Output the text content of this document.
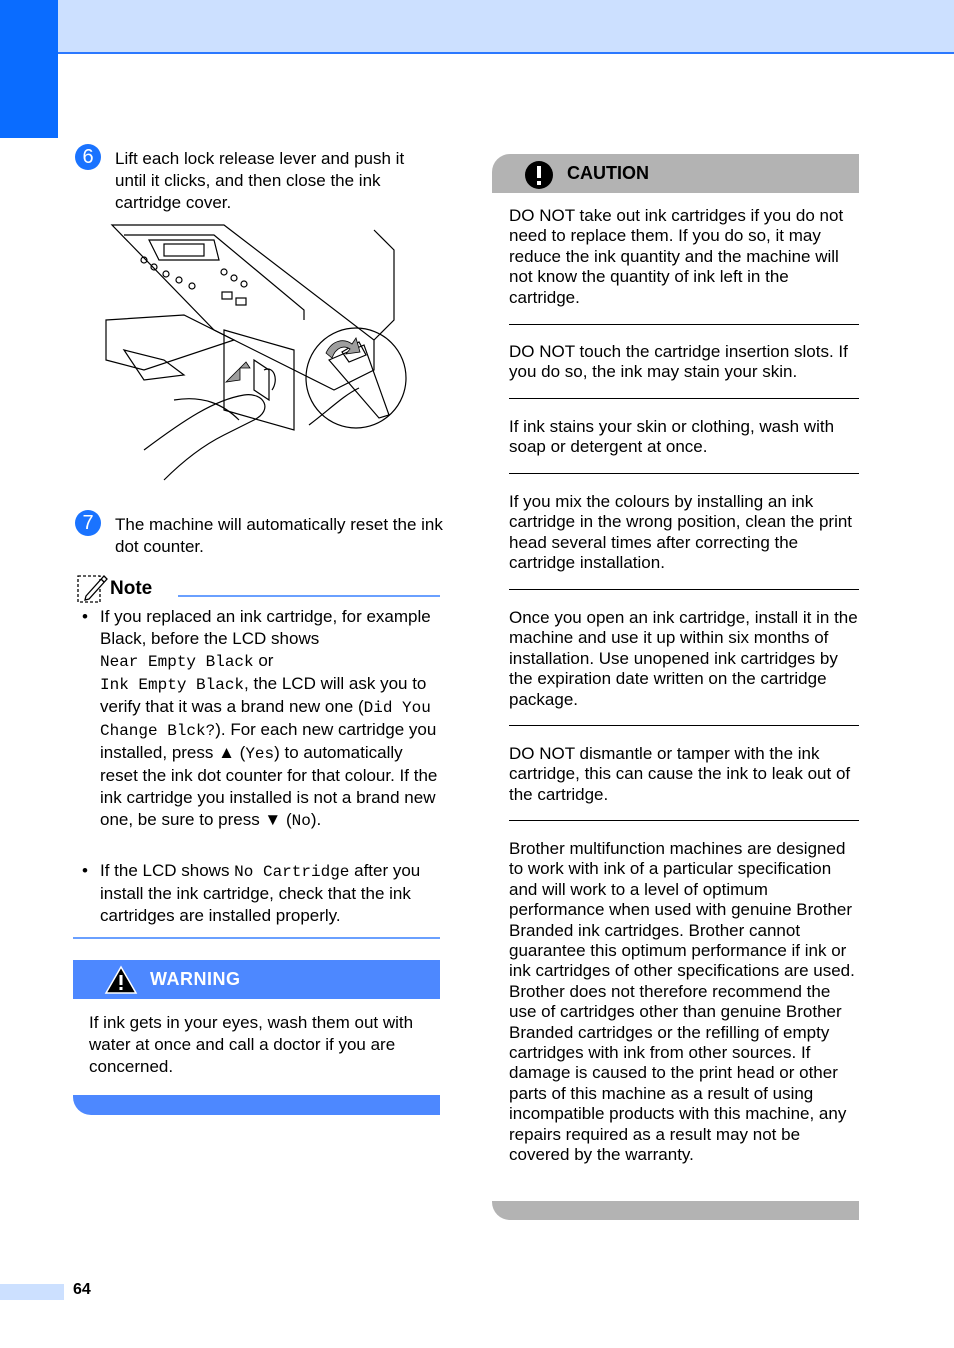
6	Lift each lock release lever and push it until it clicks, and then close the ink cartridge cover.
7	The machine will automatically reset the ink dot counter.
Note
• If you replaced an ink cartridge, for example Black, before the LCD shows
Near Empty Black or
Ink Empty Black, the LCD will ask you to verify that it was a brand new one (Did You Change Blck?). For each new cartridge you installed, press ▲ (Yes) to automatically reset the ink dot counter for that colour. If the ink cartridge you installed is not a brand new one, be sure to press ▼ (No).
• If the LCD shows No Cartridge after you install the ink cartridge, check that the ink cartridges are installed properly.
WARNING
If ink gets in your eyes, wash them out with water at once and call a doctor if you are concerned.
CAUTION
DO NOT take out ink cartridges if you do not need to replace them. If you do so, it may reduce the ink quantity and the machine will not know the quantity of ink left in the cartridge.
DO NOT touch the cartridge insertion slots. If you do so, the ink may stain your skin.
If ink stains your skin or clothing, wash with soap or detergent at once.
If you mix the colours by installing an ink cartridge in the wrong position, clean the print head several times after correcting the cartridge installation.
Once you open an ink cartridge, install it in the machine and use it up within six months of installation. Use unopened ink cartridges by the expiration date written on the cartridge package.
DO NOT dismantle or tamper with the ink cartridge, this can cause the ink to leak out of the cartridge.
Brother multifunction machines are designed to work with ink of a particular specification and will work to a level of optimum performance when used with genuine Brother Branded ink cartridges. Brother cannot guarantee this optimum performance if ink or ink cartridges of other specifications are used. Brother does not therefore recommend the use of cartridges other than genuine Brother Branded cartridges or the refilling of empty cartridges with ink from other sources. If damage is caused to the print head or other parts of this machine as a result of using incompatible products with this machine, any repairs required as a result may not be covered by the warranty.
64
